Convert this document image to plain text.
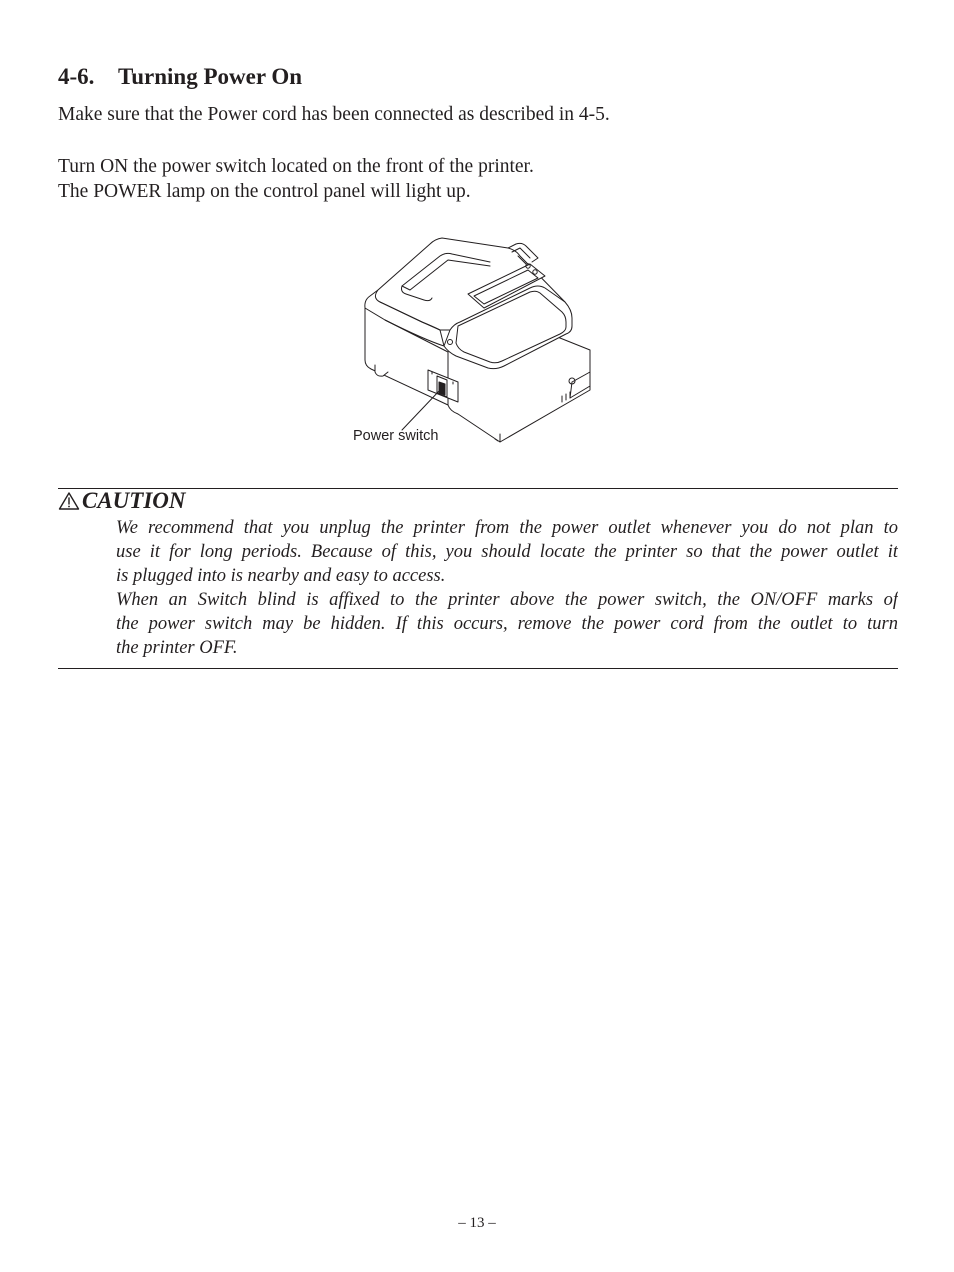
4-6. Turning Power On

Make sure that the Power cord has been connected as described in 4-5.

Turn ON the power switch located on the front of the printer.

The POWER lamp on the control panel will light up.

Power switch
CAUTION
We recommend that you unplug the printer from the power outlet whenever you do not plan to
use it for long periods. Because of this, you should locate the printer so that the power outlet it
is plugged into is nearby and easy to access.
When an Switch blind is affixed to the printer above the power switch, the ON/OFF marks of
the power switch may be hidden. If this occurs, remove the power cord from the outlet to turn
the printer OFF.
– 13 –
